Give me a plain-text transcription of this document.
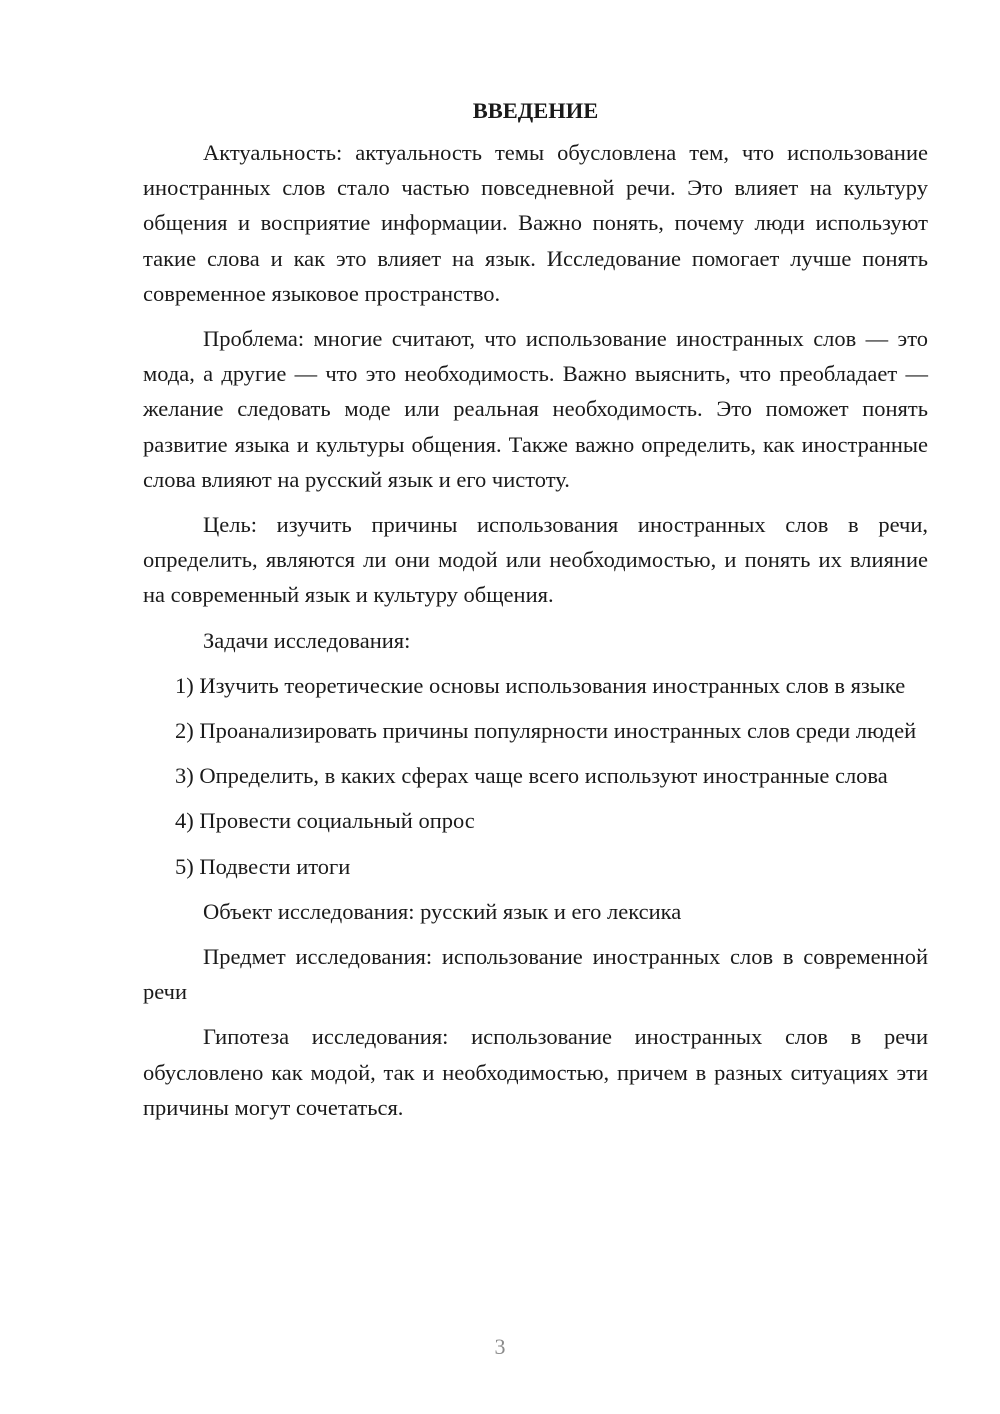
ВВЕДЕНИЕ

Актуальность: актуальность темы обусловлена тем, что использование иностранных слов стало частью повседневной речи. Это влияет на культуру общения и восприятие информации. Важно понять, почему люди используют такие слова и как это влияет на язык. Исследование помогает лучше понять современное языковое пространство.

Проблема: многие считают, что использование иностранных слов — это мода, а другие — что это необходимость. Важно выяснить, что преобладает — желание следовать моде или реальная необходимость. Это поможет понять развитие языка и культуры общения. Также важно определить, как иностранные слова влияют на русский язык и его чистоту.

Цель: изучить причины использования иностранных слов в речи, определить, являются ли они модой или необходимостью, и понять их влияние на современный язык и культуру общения.

Задачи исследования:

1) Изучить теоретические основы использования иностранных слов в языке

2) Проанализировать причины популярности иностранных слов среди людей

3) Определить, в каких сферах чаще всего используют иностранные слова

4) Провести социальный опрос

5) Подвести итоги

Объект исследования: русский язык и его лексика

Предмет исследования: использование иностранных слов в современной речи

Гипотеза исследования: использование иностранных слов в речи обусловлено как модой, так и необходимостью, причем в разных ситуациях эти причины могут сочетаться.

3
